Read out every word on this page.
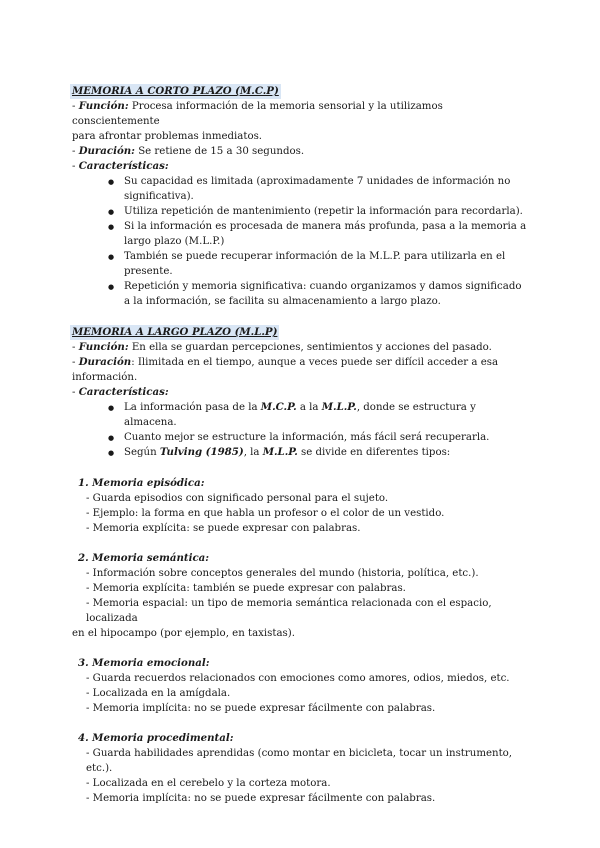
MEMORIA A CORTO PLAZO (M.C.P)

- Función: Procesa información de la memoria sensorial y la utilizamos conscientemente

para afrontar problemas inmediatos.

- Duración: Se retiene de 15 a 30 segundos.

- Características:

● Su capacidad es limitada (aproximadamente 7 unidades de información no significativa).
● Utiliza repetición de mantenimiento (repetir la información para recordarla).
● Si la información es procesada de manera más profunda, pasa a la memoria a largo plazo (M.L.P.)
● También se puede recuperar información de la M.L.P. para utilizarla en el presente.
● Repetición y memoria significativa: cuando organizamos y damos significado a la información, se facilita su almacenamiento a largo plazo.

MEMORIA A LARGO PLAZO (M.L.P)

- Función: En ella se guardan percepciones, sentimientos y acciones del pasado.

- Duración: Ilimitada en el tiempo, aunque a veces puede ser difícil acceder a esa

información.

- Características:

● La información pasa de la M.C.P. a la M.L.P., donde se estructura y almacena.
● Cuanto mejor se estructure la información, más fácil será recuperarla.
● Según Tulving (1985), la M.L.P. se divide en diferentes tipos:

1. Memoria episódica:

- Guarda episodios con significado personal para el sujeto.

- Ejemplo: la forma en que habla un profesor o el color de un vestido.

- Memoria explícita: se puede expresar con palabras.

2. Memoria semántica:

- Información sobre conceptos generales del mundo (historia, política, etc.).

- Memoria explícita: también se puede expresar con palabras.

- Memoria espacial: un tipo de memoria semántica relacionada con el espacio, localizada

en el hipocampo (por ejemplo, en taxistas).

3. Memoria emocional:

- Guarda recuerdos relacionados con emociones como amores, odios, miedos, etc.

- Localizada en la amígdala.

- Memoria implícita: no se puede expresar fácilmente con palabras.

4. Memoria procedimental:

- Guarda habilidades aprendidas (como montar en bicicleta, tocar un instrumento, etc.).

- Localizada en el cerebelo y la corteza motora.

- Memoria implícita: no se puede expresar fácilmente con palabras.
